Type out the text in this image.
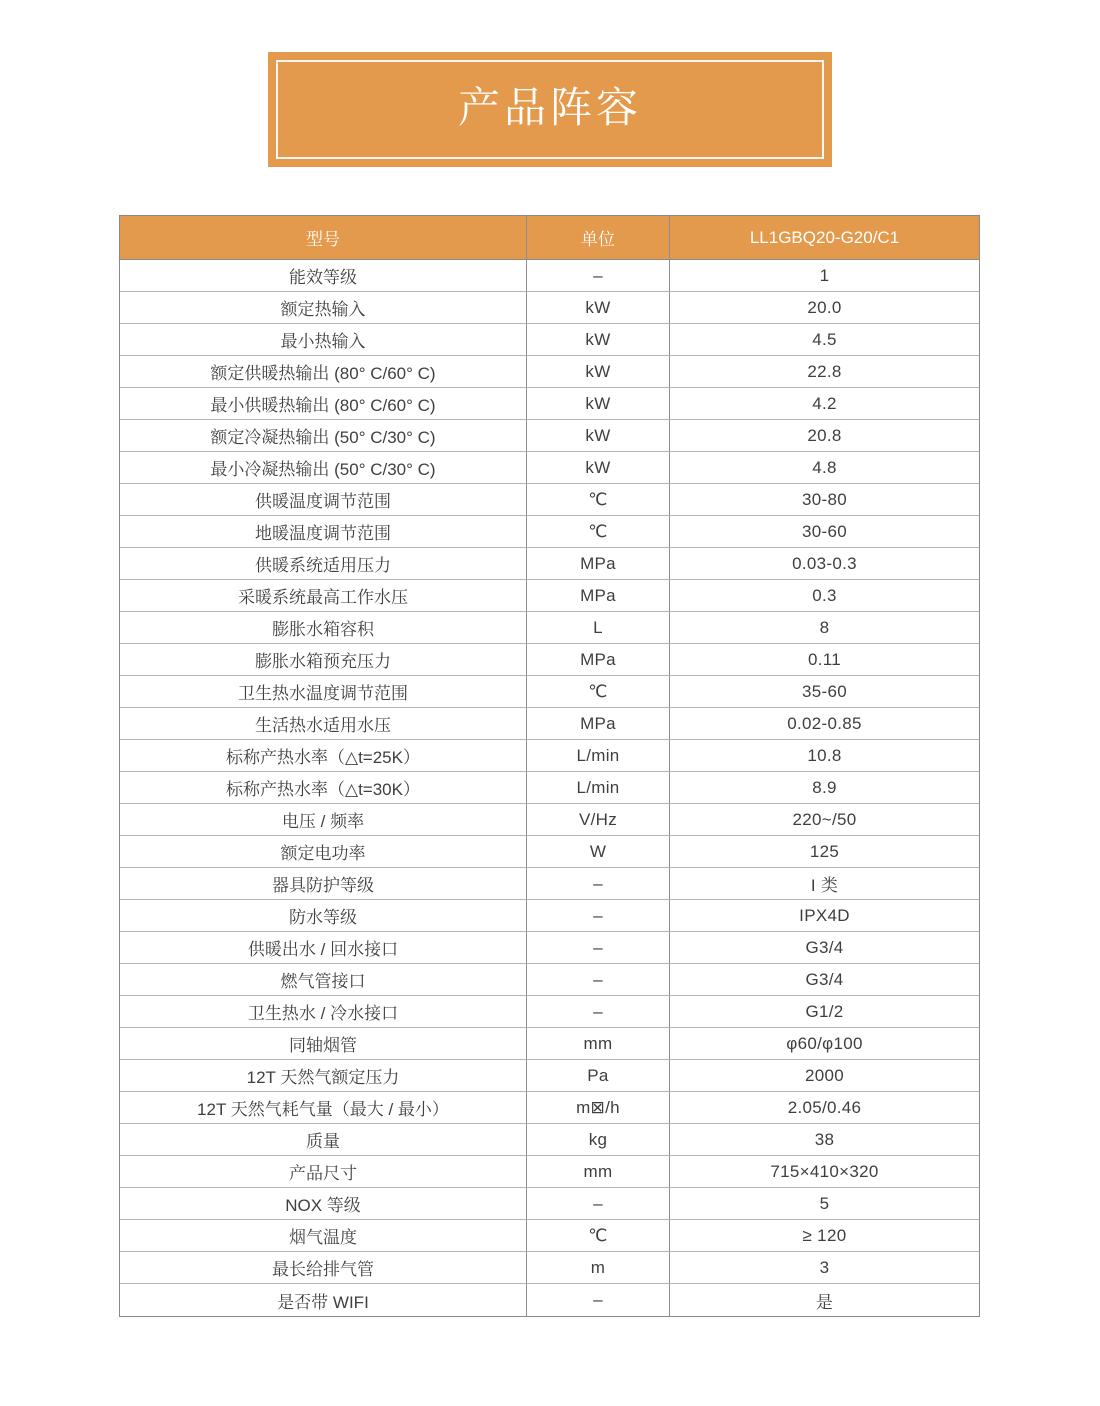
产品阵容
型号	单位	LL1GBQ20-G20/C1
能效等级	–	1
额定热输入	kW	20.0
最小热输入	kW	4.5
额定供暖热输出 (80° C/60° C)	kW	22.8
最小供暖热输出 (80° C/60° C)	kW	4.2
额定冷凝热输出 (50° C/30° C)	kW	20.8
最小冷凝热输出 (50° C/30° C)	kW	4.8
供暖温度调节范围	℃	30-80
地暖温度调节范围	℃	30-60
供暖系统适用压力	MPa	0.03-0.3
采暖系统最高工作水压	MPa	0.3
膨胀水箱容积	L	8
膨胀水箱预充压力	MPa	0.11
卫生热水温度调节范围	℃	35-60
生活热水适用水压	MPa	0.02-0.85
标称产热水率（△t=25K）	L/min	10.8
标称产热水率（△t=30K）	L/min	8.9
电压 / 频率	V/Hz	220~/50
额定电功率	W	125
器具防护等级	–	I 类
防水等级	–	IPX4D
供暖出水 / 回水接口	–	G3/4
燃气管接口	–	G3/4
卫生热水 / 冷水接口	–	G1/2
同轴烟管	mm	φ60/φ100
12T 天然气额定压力	Pa	2000
12T 天然气耗气量（最大 / 最小）	m⊠/h	2.05/0.46
质量	kg	38
产品尺寸	mm	715×410×320
NOX 等级	–	5
烟气温度	℃	≥ 120
最长给排气管	m	3
是否带 WIFI	–	是
